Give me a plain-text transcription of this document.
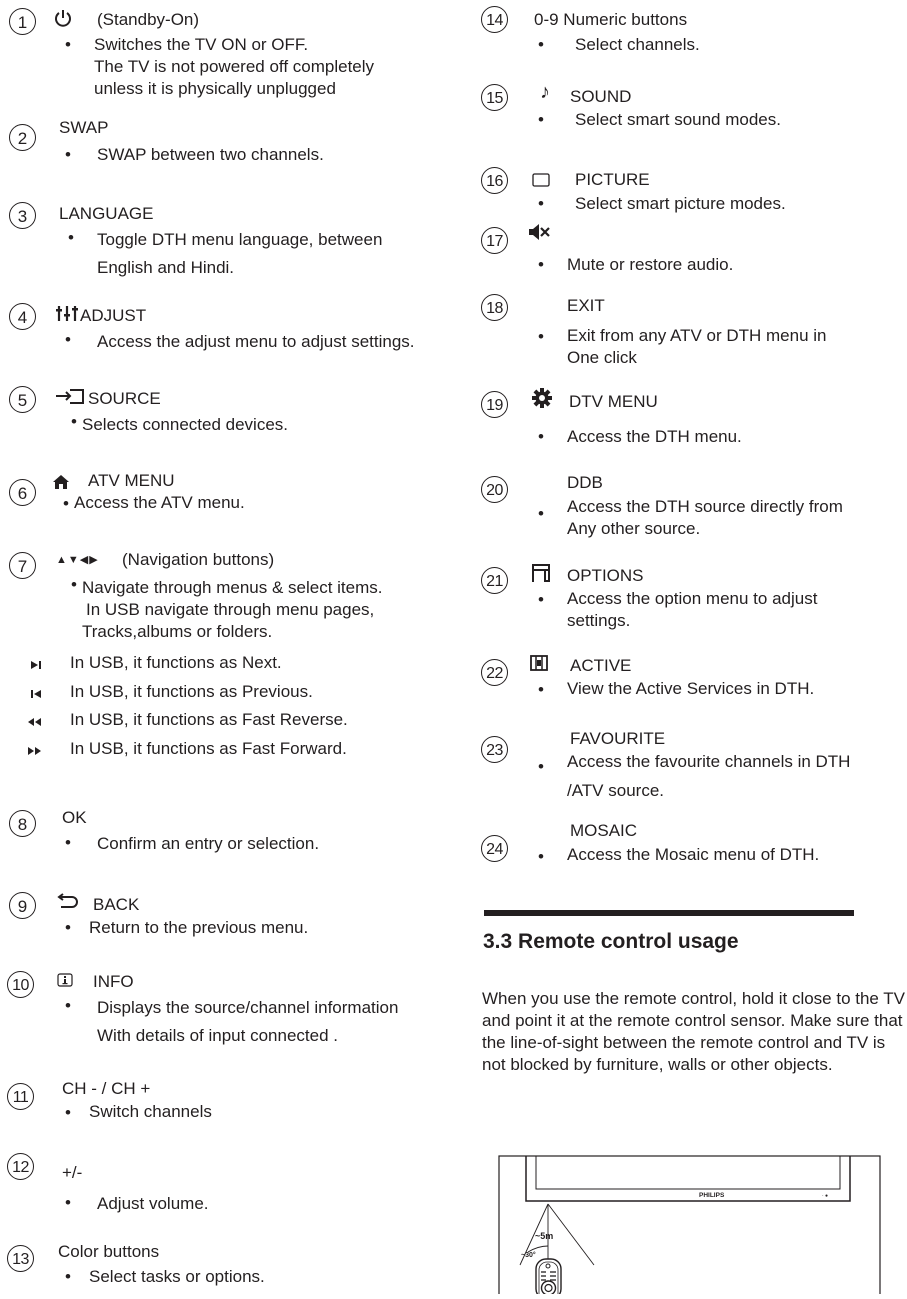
1	(Standby-On)
• Switches the TV ON or OFF.
The TV is not powered off completely
unless it is physically unplugged
2
SWAP
• SWAP between two channels.
3	LANGUAGE
• Toggle DTH menu language, between
English and Hindi.
4	ADJUST
• Access the adjust menu to adjust settings.
5	SOURCE
• Selects connected devices.
6
ATV MENU
• Access the ATV menu.
7	▲▼◀▶ (Navigation buttons)
• Navigate through menus & select items.
In USB navigate through menu pages,
Tracks,albums or folders.
In USB, it functions as Next.
In USB, it functions as Previous.
In USB, it functions as Fast Reverse.
In USB, it functions as Fast Forward.
8	OK
• Confirm an entry or selection.
9	BACK
• Return to the previous menu.
10	INFO
• Displays the source/channel information
With details of input connected .
11	CH - / CH +
• Switch channels
12	+/-
• Adjust volume.
13	Color buttons
• Select tasks or options.
14	0-9 Numeric buttons
• Select channels.
15 ♪ SOUND
• Select smart sound modes.
16	PICTURE
• Select smart picture modes.
17
• Mute or restore audio.
18	EXIT
• Exit from any ATV or DTH menu in
One click
19	DTV MENU
• Access the DTH menu.
20	DDB
• Access the DTH source directly from
Any other source.
21	OPTIONS
• Access the option menu to adjust
settings.
22	ACTIVE
• View the Active Services in DTH.
23
FAVOURITE
• Access the favourite channels in DTH
/ATV source.
24
MOSAIC
• Access the Mosaic menu of DTH.
3.3 Remote control usage
When you use the remote control, hold it close to the TV and point it at the remote control sensor. Make sure that the line-of-sight between the remote control and TV is not blocked by furniture, walls or other objects.
PHILIPS	· ●
~5m
~30°
